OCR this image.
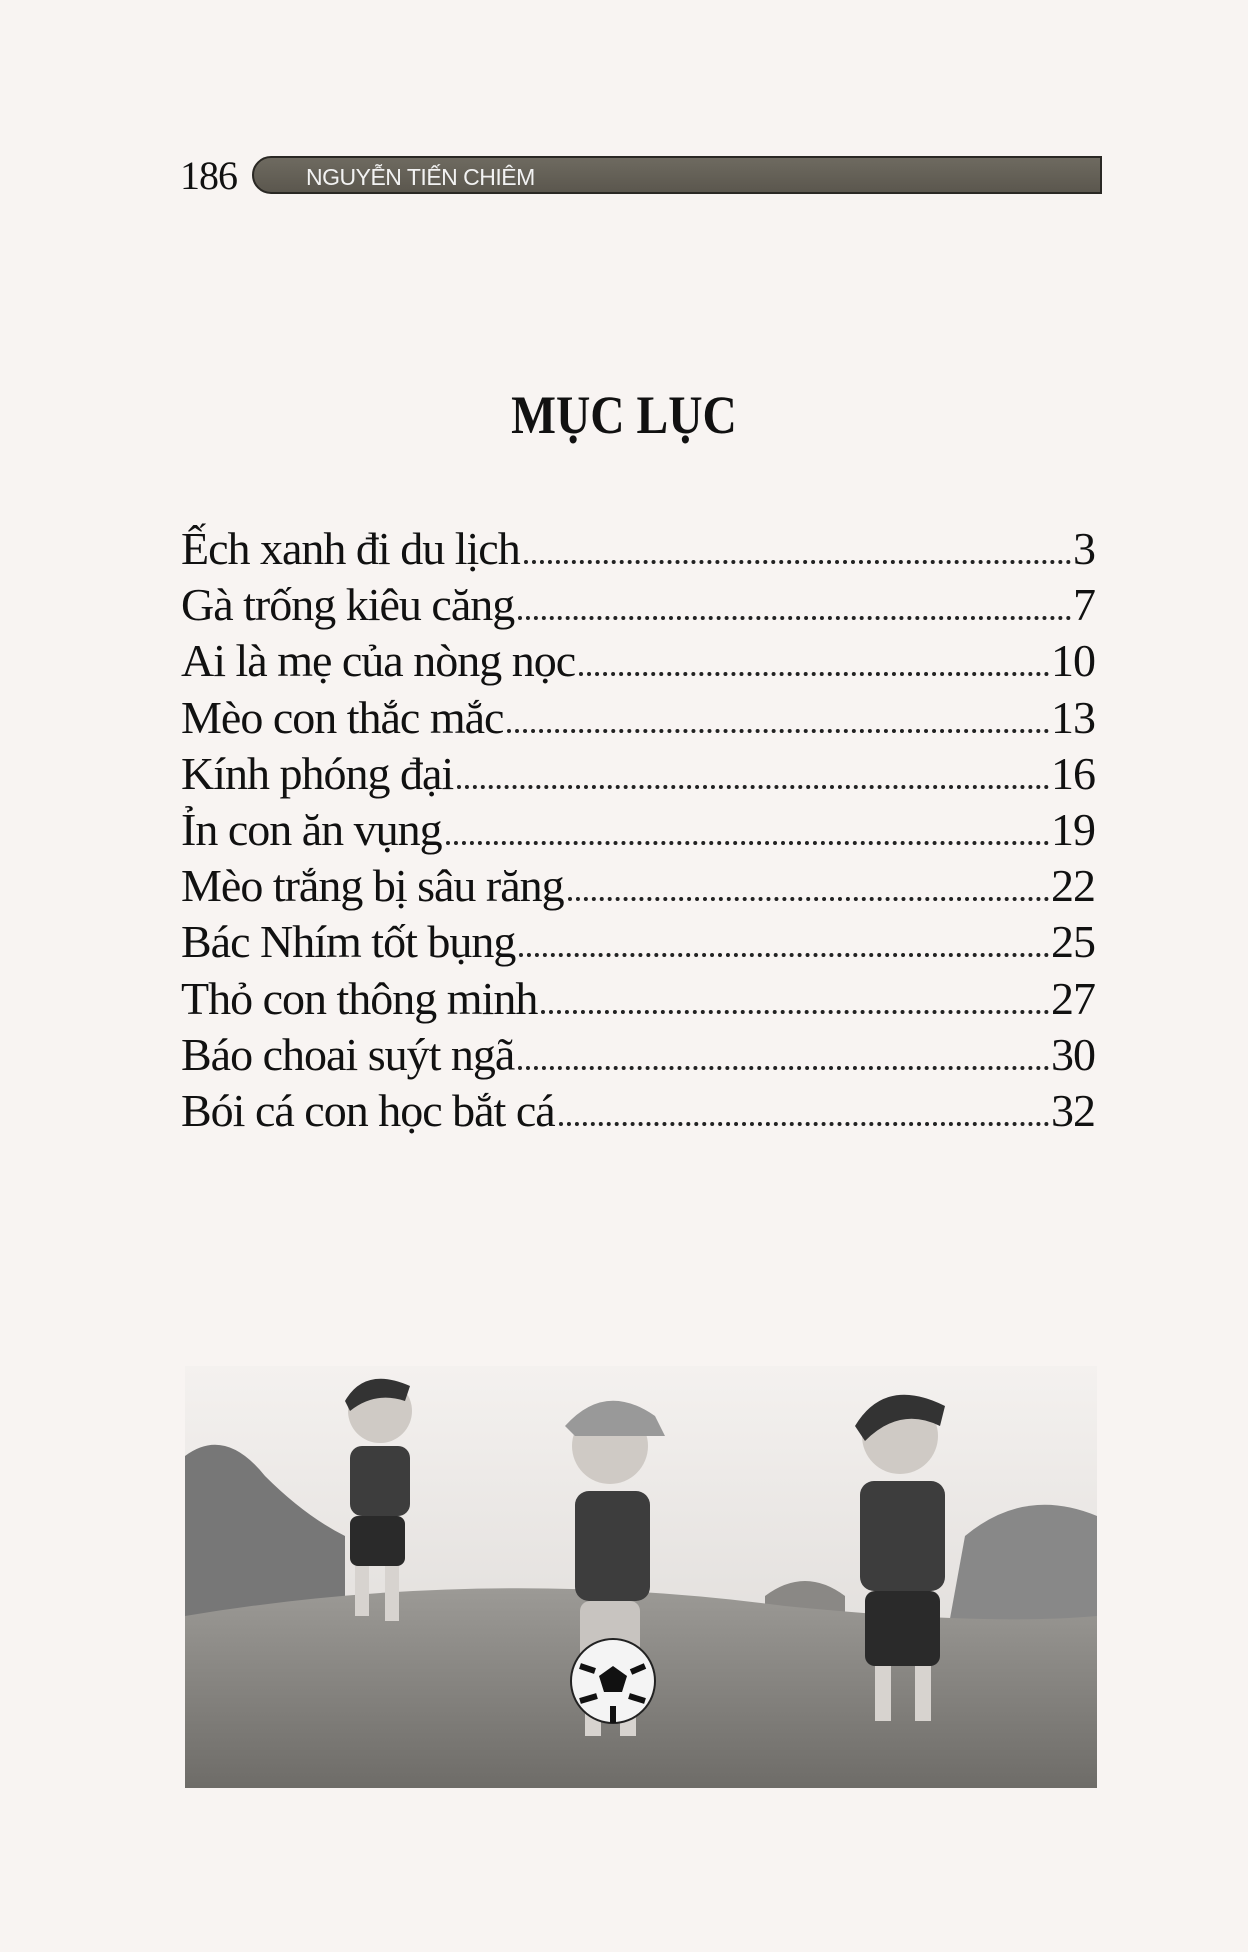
186	NGUYỄN TIẾN CHIÊM
MỤC LỤC
Ếch xanh đi du lịch	3
Gà trống kiêu căng	7
Ai là mẹ của nòng nọc	10
Mèo con thắc mắc	13
Kính phóng đại	16
Ỉn con ăn vụng	19
Mèo trắng bị sâu răng	22
Bác Nhím tốt bụng	25
Thỏ con thông minh	27
Báo choai suýt ngã	30
Bói cá con học bắt cá	32
